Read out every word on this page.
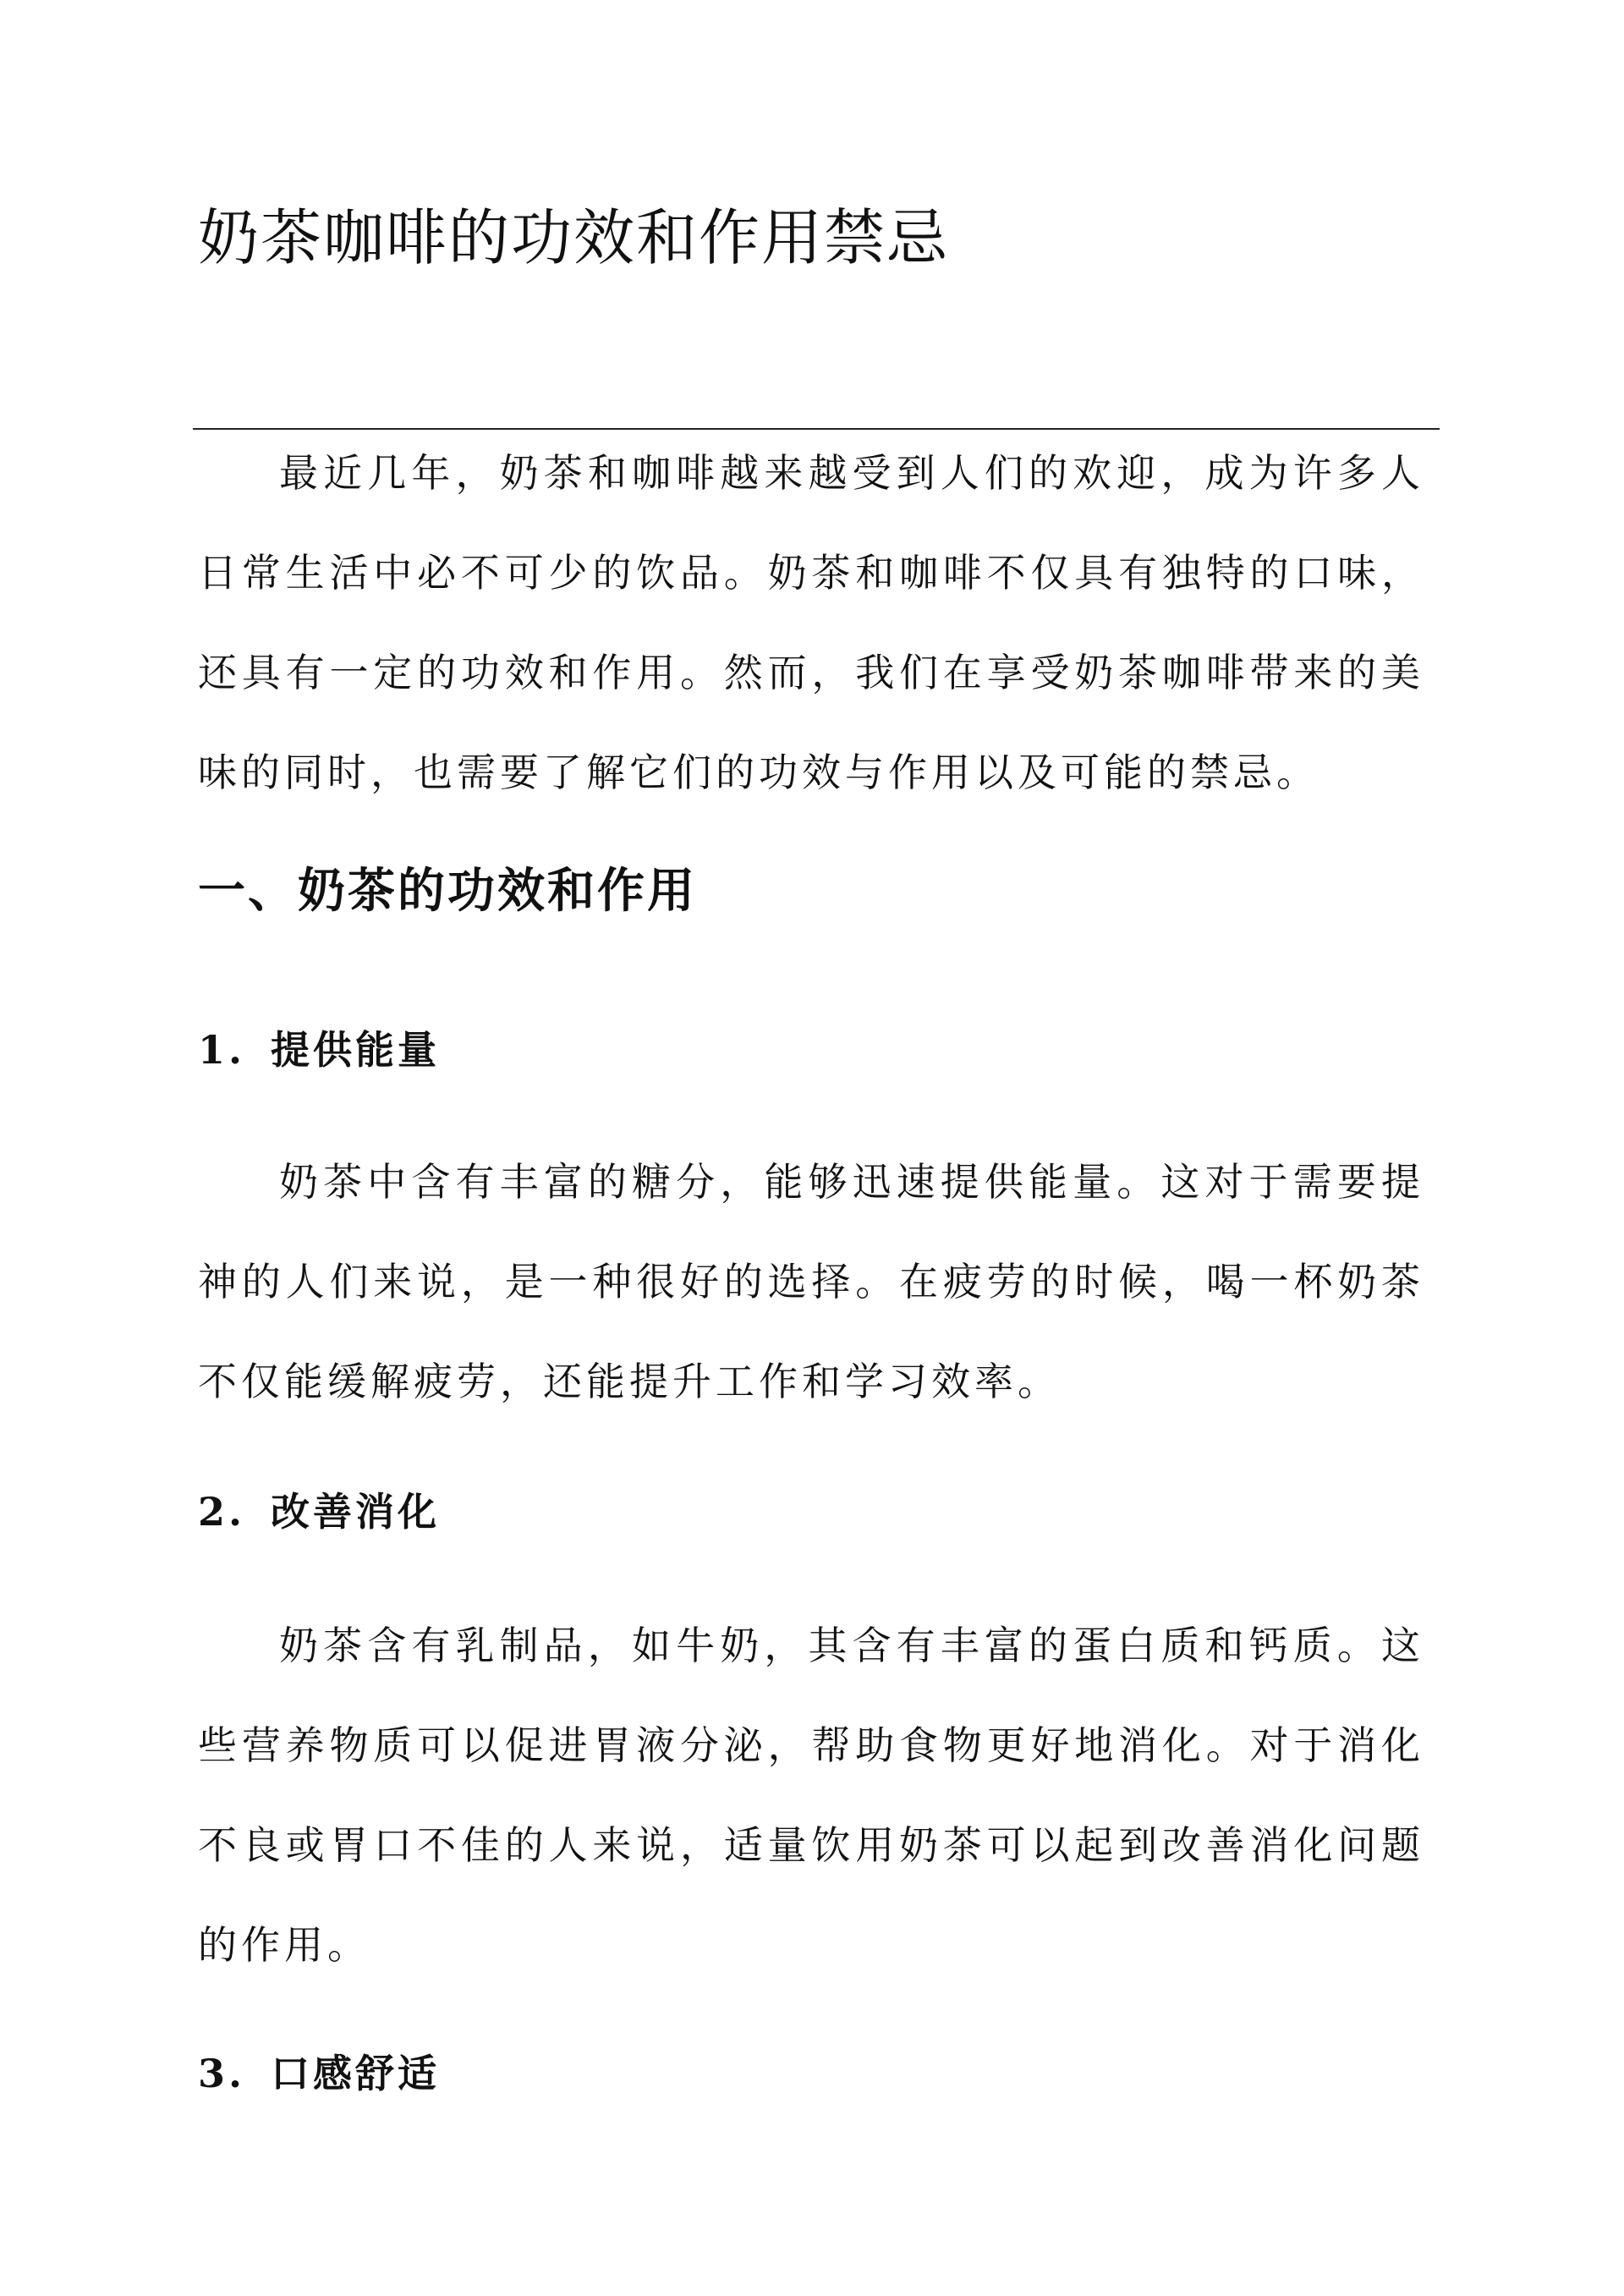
奶茶咖啡的功效和作用禁忌

最近几年，奶茶和咖啡越来越受到人们的欢迎，成为许多人日常生活中必不可少的饮品。奶茶和咖啡不仅具有独特的口味，还具有一定的功效和作用。然而，我们在享受奶茶咖啡带来的美味的同时，也需要了解它们的功效与作用以及可能的禁忌。

一、奶茶的功效和作用
1. 提供能量

奶茶中含有丰富的糖分，能够迅速提供能量。这对于需要提神的人们来说，是一种很好的选择。在疲劳的时候，喝一杯奶茶不仅能缓解疲劳，还能提升工作和学习效率。

2. 改善消化

奶茶含有乳制品，如牛奶，其含有丰富的蛋白质和钙质。这些营养物质可以促进胃液分泌，帮助食物更好地消化。对于消化不良或胃口不佳的人来说，适量饮用奶茶可以起到改善消化问题的作用。

3. 口感舒适
